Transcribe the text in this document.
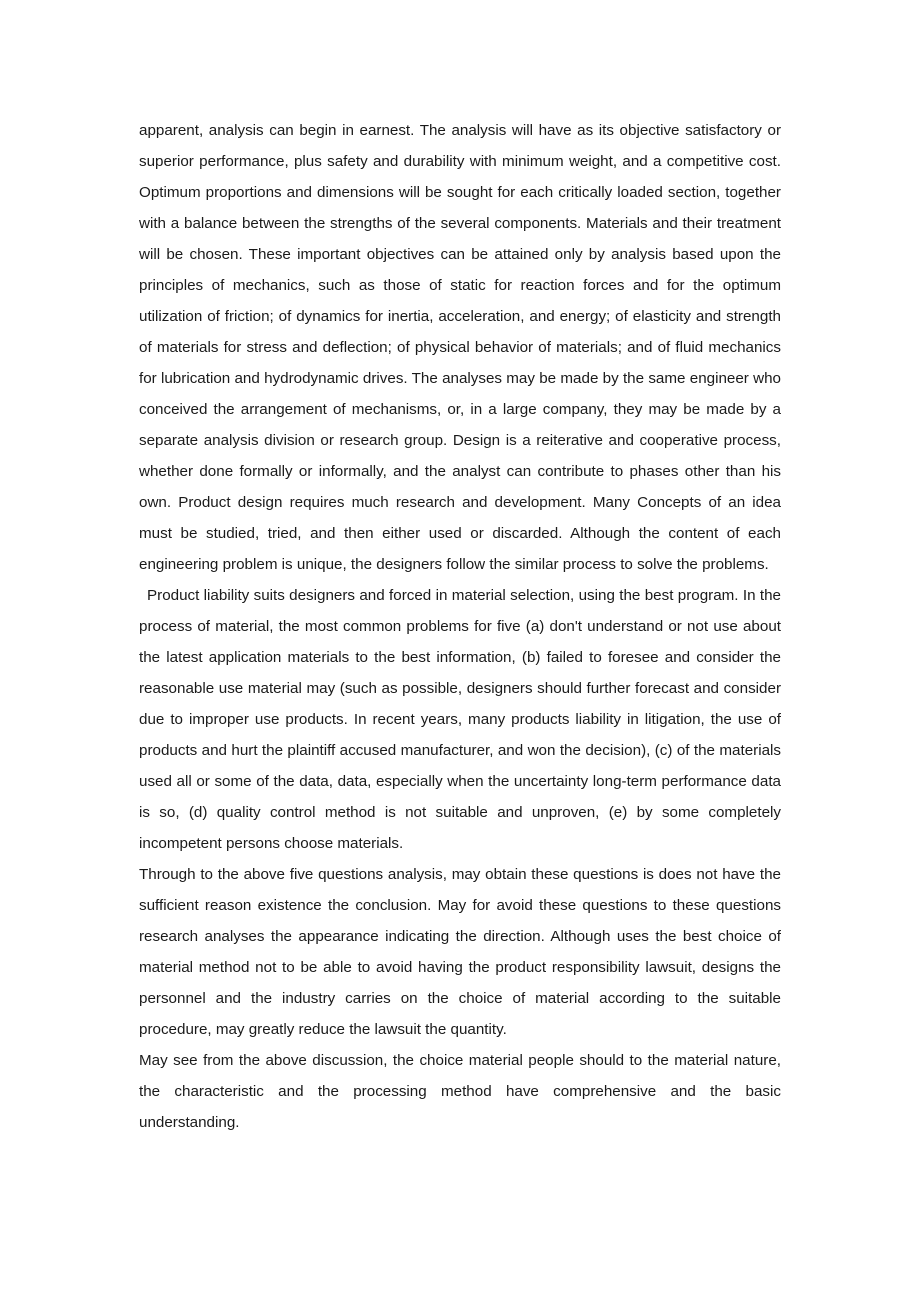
apparent, analysis can begin in earnest. The analysis will have as its objective satisfactory or superior performance, plus safety and durability with minimum weight, and a competitive cost. Optimum proportions and dimensions will be sought for each critically loaded section, together with a balance between the strengths of the several components. Materials and their treatment will be chosen. These important objectives can be attained only by analysis based upon the principles of mechanics, such as those of static for reaction forces and for the optimum utilization of friction; of dynamics for inertia, acceleration, and energy; of elasticity and strength of materials for stress and deflection; of physical behavior of materials; and of fluid mechanics for lubrication and hydrodynamic drives. The analyses may be made by the same engineer who conceived the arrangement of mechanisms, or, in a large company, they may be made by a separate analysis division or research group. Design is a reiterative and cooperative process, whether done formally or informally, and the analyst can contribute to phases other than his own. Product design requires much research and development. Many Concepts of an idea must be studied, tried, and then either used or discarded. Although the content of each engineering problem is unique, the designers follow the similar process to solve the problems.

Product liability suits designers and forced in material selection, using the best program. In the process of material, the most common problems for five (a) don't understand or not use about the latest application materials to the best information, (b) failed to foresee and consider the reasonable use material may (such as possible, designers should further forecast and consider due to improper use products. In recent years, many products liability in litigation, the use of products and hurt the plaintiff accused manufacturer, and won the decision), (c) of the materials used all or some of the data, data, especially when the uncertainty long-term performance data is so, (d) quality control method is not suitable and unproven, (e) by some completely incompetent persons choose materials.

Through to the above five questions analysis, may obtain these questions is does not have the sufficient reason existence the conclusion. May for avoid these questions to these questions research analyses the appearance indicating the direction. Although uses the best choice of material method not to be able to avoid having the product responsibility lawsuit, designs the personnel and the industry carries on the choice of material according to the suitable procedure, may greatly reduce the lawsuit the quantity.

May see from the above discussion, the choice material people should to the material nature, the characteristic and the processing method have comprehensive and the basic understanding.
